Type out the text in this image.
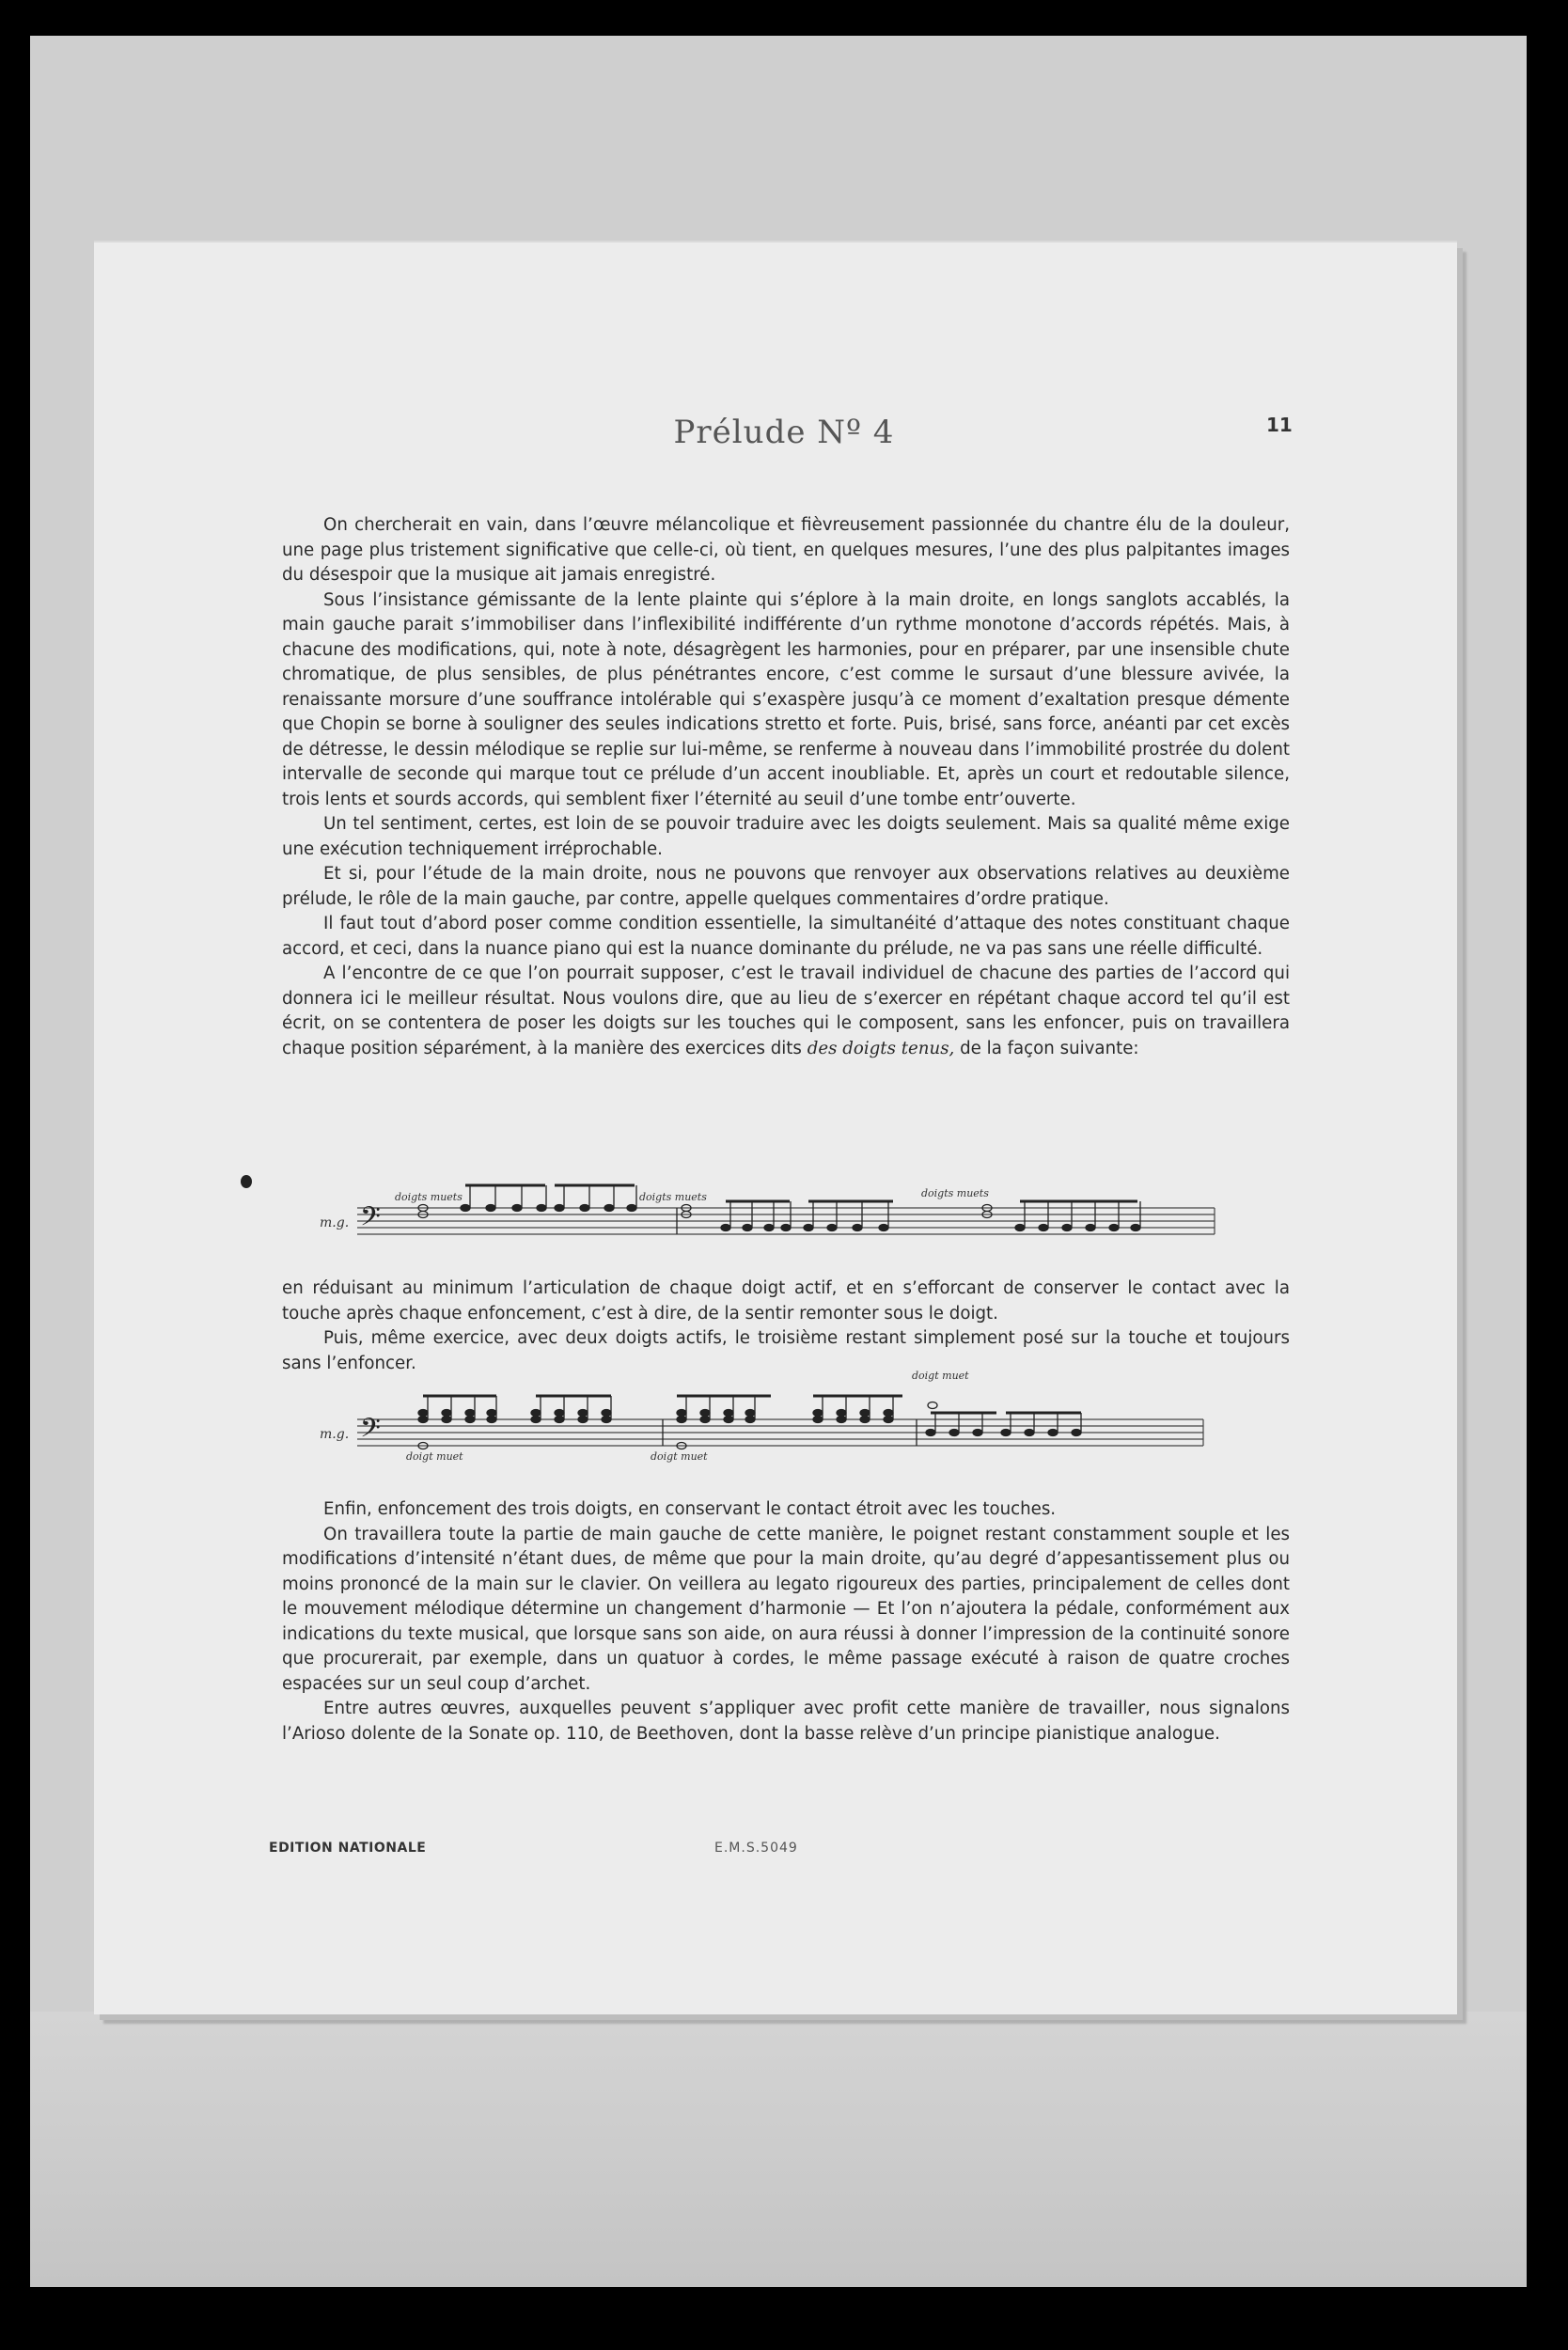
Prélude Nº 4	11

On chercherait en vain, dans l’œuvre mélancolique et fièvreusement passionnée du chantre élu de la douleur, une page plus tristement significative que celle-ci, où tient, en quelques mesures, l’une des plus palpitantes images du désespoir que la musique ait jamais enregistré.

Sous l’insistance gémissante de la lente plainte qui s’éplore à la main droite, en longs sanglots accablés, la main gauche parait s’immobiliser dans l’inflexibilité indifférente d’un rythme monotone d’accords répétés. Mais, à chacune des modifications, qui, note à note, désagrègent les harmonies, pour en préparer, par une insensible chute chromatique, de plus sensibles, de plus pénétrantes encore, c’est comme le sursaut d’une blessure avivée, la renaissante morsure d’une souffrance intolérable qui s’exaspère jusqu’à ce moment d’exaltation presque démente que Chopin se borne à souligner des seules indications stretto et forte. Puis, brisé, sans force, anéanti par cet excès de détresse, le dessin mélodique se replie sur lui-même, se renferme à nouveau dans l’immobilité prostrée du dolent intervalle de seconde qui marque tout ce prélude d’un accent inoubliable. Et, après un court et redoutable silence, trois lents et sourds accords, qui semblent fixer l’éternité au seuil d’une tombe entr’ouverte.

Un tel sentiment, certes, est loin de se pouvoir traduire avec les doigts seulement. Mais sa qualité même exige une exécution techniquement irréprochable.

Et si, pour l’étude de la main droite, nous ne pouvons que renvoyer aux observations relatives au deuxième prélude, le rôle de la main gauche, par contre, appelle quelques commentaires d’ordre pratique.

Il faut tout d’abord poser comme condition essentielle, la simultanéité d’attaque des notes constituant chaque accord, et ceci, dans la nuance piano qui est la nuance dominante du prélude, ne va pas sans une réelle difficulté.

A l’encontre de ce que l’on pourrait supposer, c’est le travail individuel de chacune des parties de l’accord qui donnera ici le meilleur résultat. Nous voulons dire, que au lieu de s’exercer en répétant chaque accord tel qu’il est écrit, on se contentera de poser les doigts sur les touches qui le composent, sans les enfoncer, puis on travaillera chaque position séparément, à la manière des exercices dits des doigts tenus, de la façon suivante:

m.g. 𝄢
doigts muets	doigts muets	doigts muets

en réduisant au minimum l’articulation de chaque doigt actif, et en s’efforcant de conserver le contact avec la touche après chaque enfoncement, c’est à dire, de la sentir remonter sous le doigt.

Puis, même exercice, avec deux doigts actifs, le troisième restant simplement posé sur la touche et toujours sans l’enfoncer.

m.g. 𝄢
doigt muet	doigt muet
doigt muet

Enfin, enfoncement des trois doigts, en conservant le contact étroit avec les touches.

On travaillera toute la partie de main gauche de cette manière, le poignet restant constamment souple et les modifications d’intensité n’étant dues, de même que pour la main droite, qu’au degré d’appesantissement plus ou moins prononcé de la main sur le clavier. On veillera au legato rigoureux des parties, principalement de celles dont le mouvement mélodique détermine un changement d’harmonie — Et l’on n’ajoutera la pédale, conformément aux indications du texte musical, que lorsque sans son aide, on aura réussi à donner l’impression de la continuité sonore que procurerait, par exemple, dans un quatuor à cordes, le même passage exécuté à raison de quatre croches espacées sur un seul coup d’archet.

Entre autres œuvres, auxquelles peuvent s’appliquer avec profit cette manière de travailler, nous signalons l’Arioso dolente de la Sonate op. 110, de Beethoven, dont la basse relève d’un principe pianistique analogue.

EDITION NATIONALE	E.M.S.5049
